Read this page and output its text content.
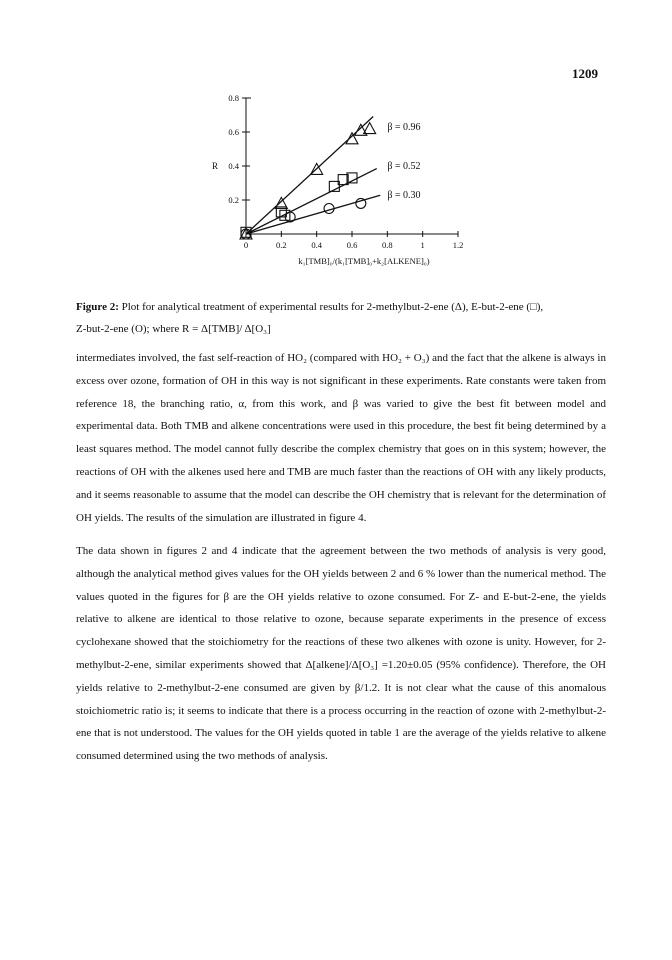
1209
0.2
0.4
0.6
0.8
0	0.2	0.4	0.6	0.8	1	1.2
R
k₁[TMB]₀/(k₁[TMB]₀+k₂[ALKENE]₀)
β = 0.96
β = 0.52
β = 0.30

Figure 2: Plot for analytical treatment of experimental results for 2-methylbut-2-ene (Δ), E-but-2-ene (□),
Z-but-2-ene (O); where R = Δ[TMB]/ Δ[O₃]

intermediates involved, the fast self-reaction of HO₂ (compared with HO₂ + O₃) and the fact that the alkene is always in excess over ozone, formation of OH in this way is not significant in these experiments. Rate constants were taken from reference 18, the branching ratio, α, from this work, and β was varied to give the best fit between model and experimental data. Both TMB and alkene concentrations were used in this procedure, the best fit being determined by a least squares method. The model cannot fully describe the complex chemistry that goes on in this system; however, the reactions of OH with the alkenes used here and TMB are much faster than the reactions of OH with any likely products, and it seems reasonable to assume that the model can describe the OH chemistry that is relevant for the determination of OH yields. The results of the simulation are illustrated in figure 4.

The data shown in figures 2 and 4 indicate that the agreement between the two methods of analysis is very good, although the analytical method gives values for the OH yields between 2 and 6 % lower than the numerical method. The values quoted in the figures for β are the OH yields relative to ozone consumed. For Z- and E-but-2-ene, the yields relative to alkene are identical to those relative to ozone, because separate experiments in the presence of excess cyclohexane showed that the stoichiometry for the reactions of these two alkenes with ozone is unity. However, for 2-methylbut-2-ene, similar experiments showed that Δ[alkene]/Δ[O₃] =1.20±0.05 (95% confidence). Therefore, the OH yields relative to 2-methylbut-2-ene consumed are given by β/1.2. It is not clear what the cause of this anomalous stoichiometric ratio is; it seems to indicate that there is a process occurring in the reaction of ozone with 2-methylbut-2-ene that is not understood. The values for the OH yields quoted in table 1 are the average of the yields relative to alkene consumed determined using the two methods of analysis.
